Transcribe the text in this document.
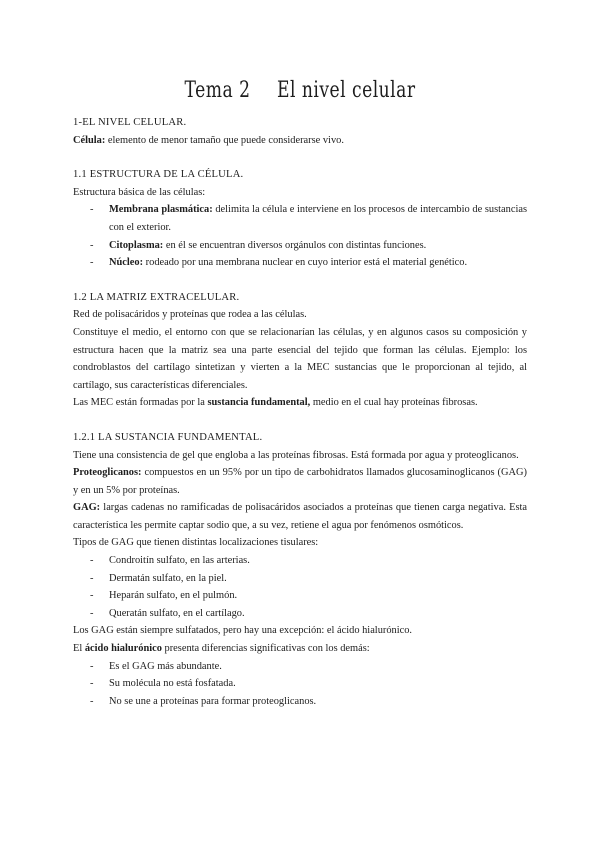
Tema 2 El nivel celular
1-EL NIVEL CELULAR.

Célula: elemento de menor tamaño que puede considerarse vivo.

1.1 ESTRUCTURA DE LA CÉLULA.

Estructura básica de las células:

- Membrana plasmática: delimita la célula e interviene en los procesos de intercambio de sustancias con el exterior.
- Citoplasma: en él se encuentran diversos orgánulos con distintas funciones.
- Núcleo: rodeado por una membrana nuclear en cuyo interior está el material genético.
1.2 LA MATRIZ EXTRACELULAR.

Red de polisacáridos y proteínas que rodea a las células.

Constituye el medio, el entorno con que se relacionarían las células, y en algunos casos su composición y estructura hacen que la matriz sea una parte esencial del tejido que forman las células. Ejemplo: los condroblastos del cartílago sintetizan y vierten a la MEC sustancias que le proporcionan al tejido, al cartílago, sus características diferenciales.

Las MEC están formadas por la sustancia fundamental, medio en el cual hay proteínas fibrosas.

1.2.1 LA SUSTANCIA FUNDAMENTAL.

Tiene una consistencia de gel que engloba a las proteínas fibrosas. Está formada por agua y proteoglicanos.

Proteoglicanos: compuestos en un 95% por un tipo de carbohidratos llamados glucosaminoglicanos (GAG) y en un 5% por proteínas.

GAG: largas cadenas no ramificadas de polisacáridos asociados a proteínas que tienen carga negativa. Esta característica les permite captar sodio que, a su vez, retiene el agua por fenómenos osmóticos.

Tipos de GAG que tienen distintas localizaciones tisulares:

- Condroitín sulfato, en las arterias.
- Dermatán sulfato, en la piel.
- Heparán sulfato, en el pulmón.
- Queratán sulfato, en el cartílago.

Los GAG están siempre sulfatados, pero hay una excepción: el ácido hialurónico.

El ácido hialurónico presenta diferencias significativas con los demás:

- Es el GAG más abundante.
- Su molécula no está fosfatada.
- No se une a proteínas para formar proteoglicanos.
